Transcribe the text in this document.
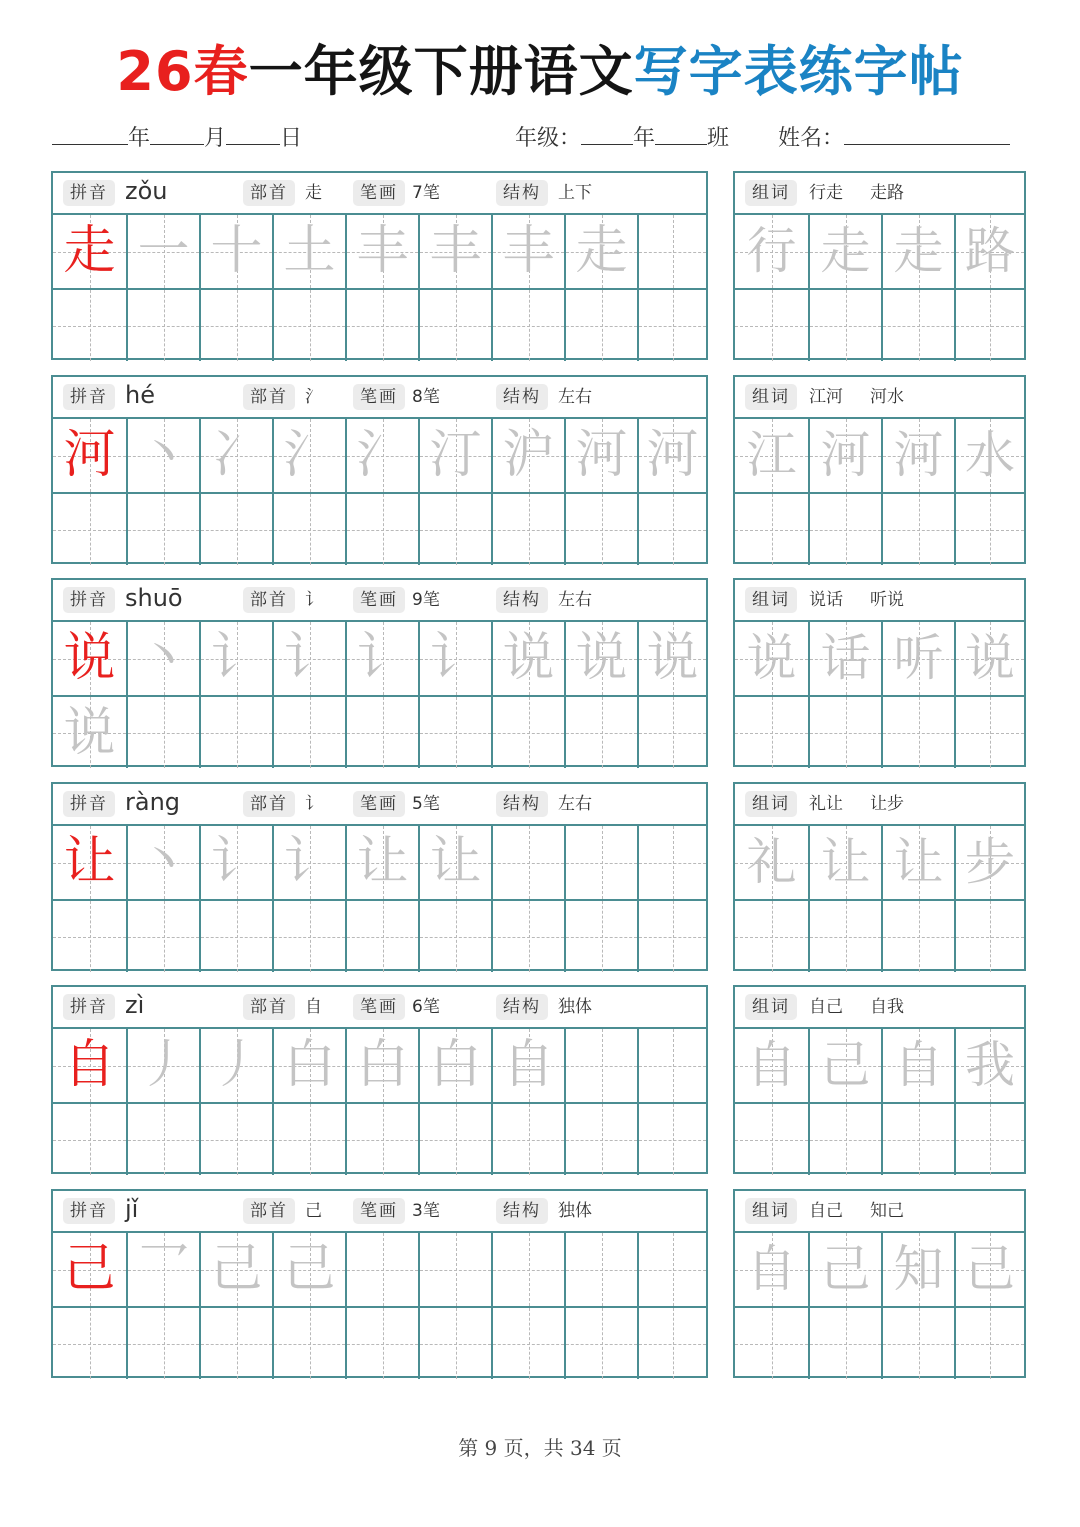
26春一年级下册语文写字表练字帖
年 月 日	年级： 年 班 姓名：
拼音 zǒu	部首	走	笔画 7笔	结构	上下
走 一 十 土 丰 丰 丰 走
组词	行走 走路
行 走 走 路
拼音 hé	部首	氵	笔画 8笔	结构	左右
河 丶 冫 氵 氵 汀 沪 河 河
组词	江河 河水
江 河 河 水
拼音 shuō	部首	讠	笔画 9笔	结构	左右
说 丶 讠 讠 讠 讠 说 说 说
说
组词	说话 听说
说 话 听 说
拼音 ràng	部首	讠	笔画 5笔	结构	左右
让 丶 讠 讠 让 让
组词	礼让 让步
礼 让 让 步
拼音 zì	部首	自	笔画 6笔	结构	独体
自 丿 丿 白 白 白 自
组词	自己 自我
自 己 自 我
拼音 jǐ	部首	己	笔画 3笔	结构	独体
己 乛 己 己
组词	自己 知己
自 己 知 己
第 9 页，共 34 页
